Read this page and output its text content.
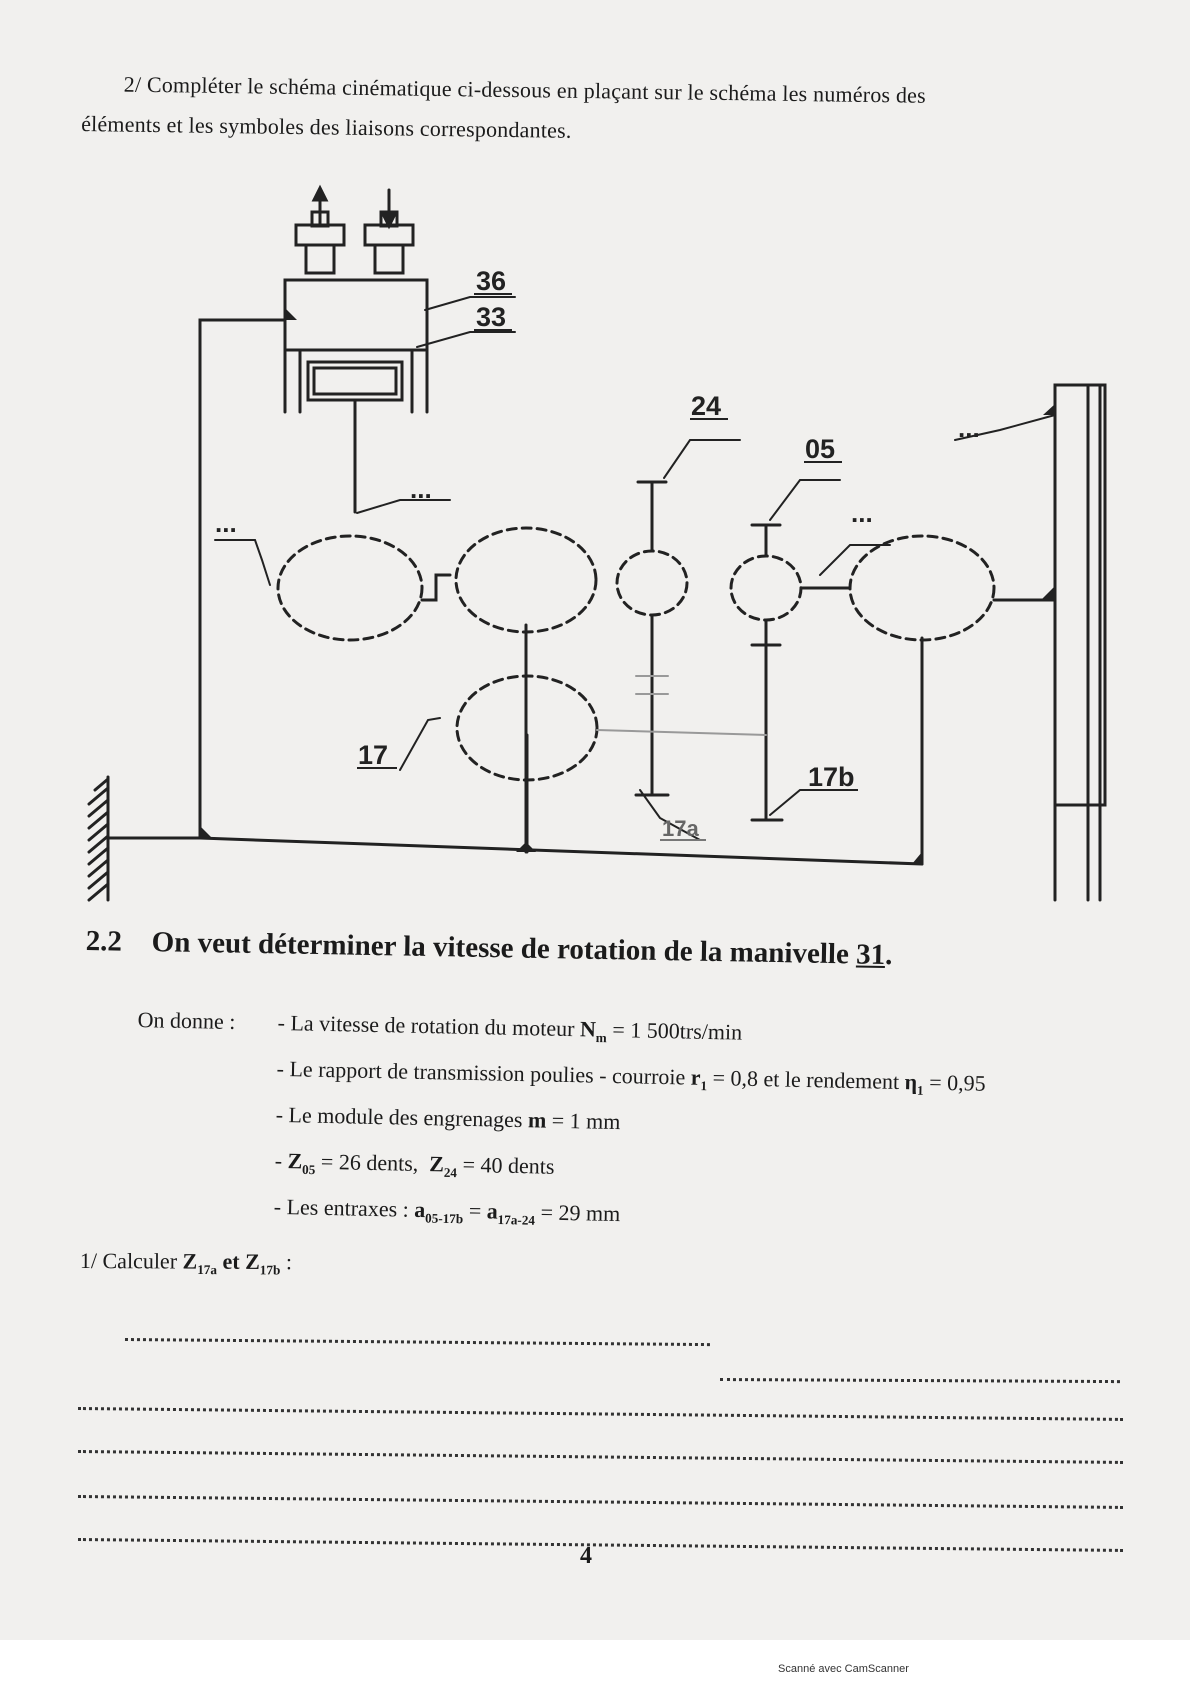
2/ Compléter le schéma cinématique ci-dessous en plaçant sur le schéma les numéros des
éléments et les symboles des liaisons correspondantes.
36
33
24
05
17
17b
17a
...
...	...
...
2.2 On veut déterminer la vitesse de rotation de la manivelle 31.
On donne : - La vitesse de rotation du moteur $N_m = 1$ 500trs/min
- Le rapport de transmission poulies - courroie $r_1 = 0,8$ et le rendement $\eta_1 = 0,95$
- Le module des engrenages m = 1 mm
- $Z_{05} = 26$ dents, $Z_{24} = 40$ dents
- Les entraxes : $a_{05-17b} = a_{17a-24} = 29$ mm
1/ Calculer $Z_{17a}$ et $Z_{17b}$ :
4
Scanné avec CamScanner
